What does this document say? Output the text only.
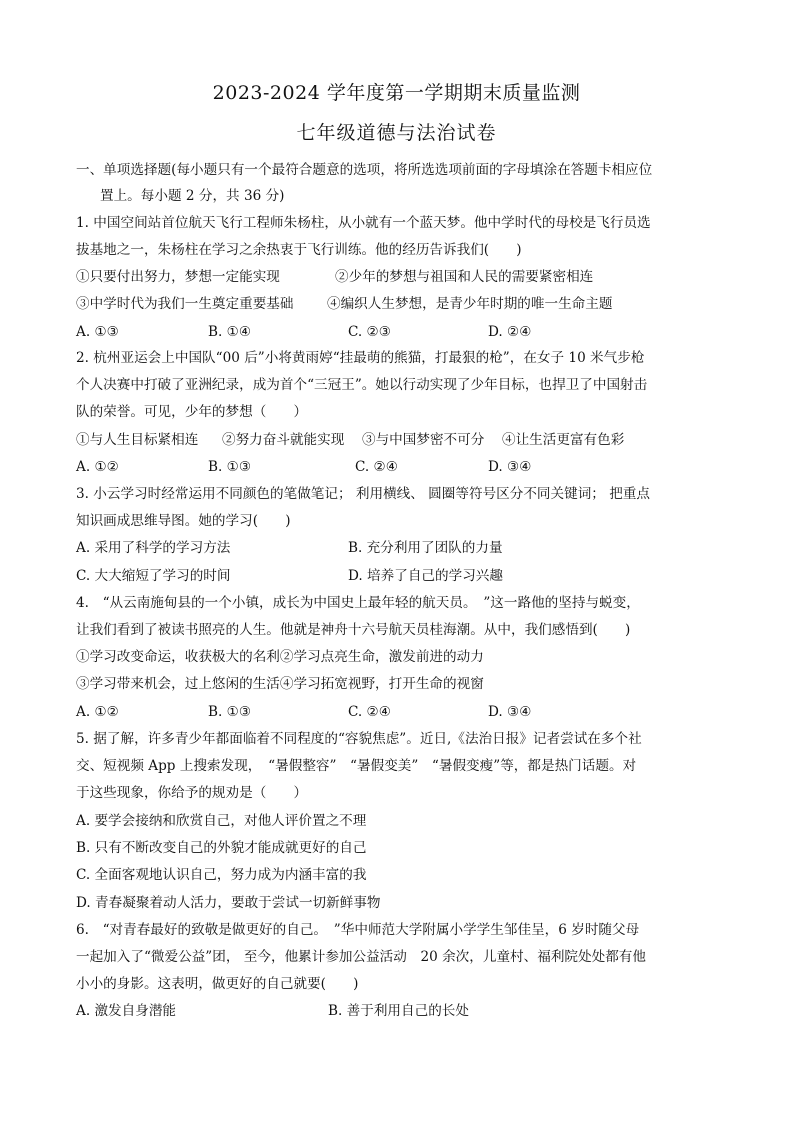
2023-2024 学年度第一学期期末质量监测
七年级道德与法治试卷
一、单项选择题(每小题只有一个最符合题意的选项，将所选选项前面的字母填涂在答题卡相应位
置上。每小题 2 分，共 36 分)
1. 中国空间站首位航天飞行工程师朱杨柱，从小就有一个蓝天梦。他中学时代的母校是飞行员选
拔基地之一，朱杨柱在学习之余热衷于飞行训练。他的经历告诉我们(　　)
①只要付出努力，梦想一定能实现	②少年的梦想与祖国和人民的需要紧密相连
③中学时代为我们一生奠定重要基础 ④编织人生梦想，是青少年时期的唯一生命主题
A. ①③	B. ①④	C. ②③	D. ②④
2. 杭州亚运会上中国队“00 后”小将黄雨婷“挂最萌的熊猫，打最狠的枪”，在女子 10 米气步枪
个人决赛中打破了亚洲纪录，成为首个“三冠王”。她以行动实现了少年目标，也捍卫了中国射击
队的荣誉。可见，少年的梦想（　　）
①与人生目标紧相连 ②努力奋斗就能实现 ③与中国梦密不可分 ④让生活更富有色彩
A. ①②	B. ①③	C. ②④	D. ③④
3. 小云学习时经常运用不同颜色的笔做笔记； 利用横线、 圆圈等符号区分不同关键词； 把重点
知识画成思维导图。她的学习(　　)
A. 采用了科学的学习方法	B. 充分利用了团队的力量
C. 大大缩短了学习的时间	D. 培养了自己的学习兴趣
4.　“从云南施甸县的一个小镇，成长为中国史上最年轻的航天员。　”这一路他的坚持与蜕变，
让我们看到了被读书照亮的人生。他就是神舟十六号航天员桂海潮。从中，我们感悟到(　　)
①学习改变命运，收获极大的名利②学习点亮生命，激发前进的动力
③学习带来机会，过上悠闲的生活④学习拓宽视野，打开生命的视窗
A. ①②	B. ①③	C. ②④	D. ③④
5. 据了解，许多青少年都面临着不同程度的“容貌焦虑”。近日,《法治日报》记者尝试在多个社
交、短视频 App 上搜索发现，　“暑假整容”　“暑假变美”　“暑假变瘦”等，都是热门话题。对
于这些现象，你给予的规劝是（　　）
A. 要学会接纳和欣赏自己，对他人评价置之不理
B. 只有不断改变自己的外貌才能成就更好的自己
C. 全面客观地认识自己，努力成为内涵丰富的我
D. 青春凝聚着动人活力，要敢于尝试一切新鲜事物
6.　“对青春最好的致敬是做更好的自己。　”华中师范大学附属小学学生邹佳呈，6 岁时随父母
一起加入了“微爱公益”团， 至今，他累计参加公益活动　20 余次，儿童村、福利院处处都有他
小小的身影。这表明，做更好的自己就要(　　)
A. 激发自身潜能	B. 善于利用自己的长处
